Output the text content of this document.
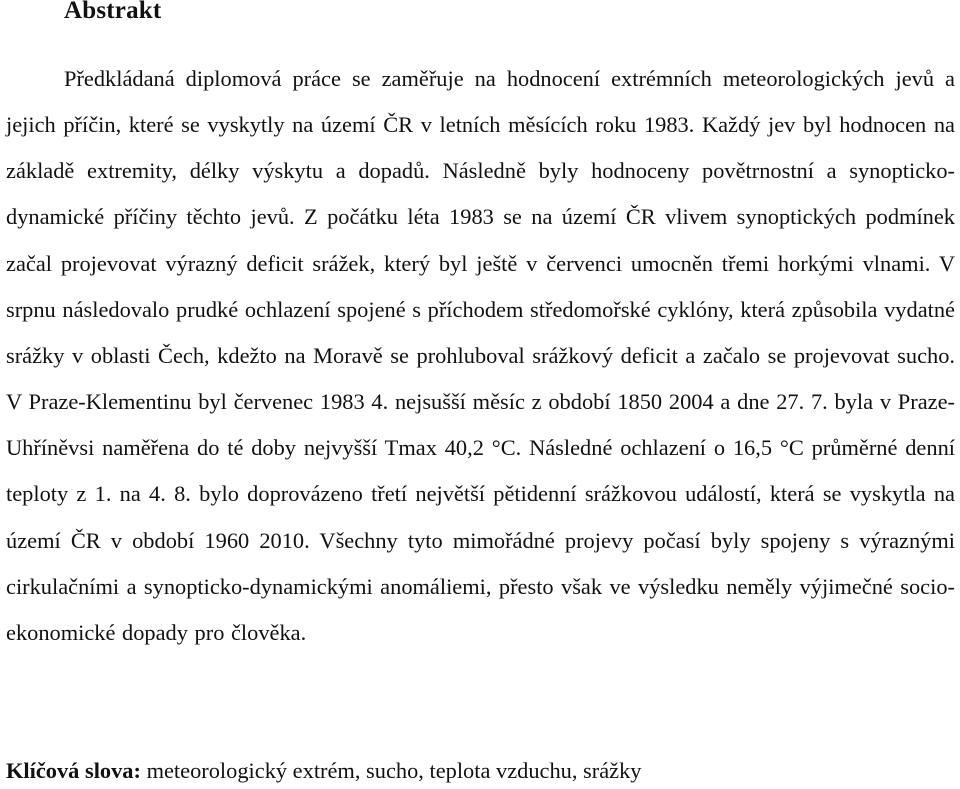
Abstrakt

Předkládaná diplomová práce se zaměřuje na hodnocení extrémních meteorologických jevů a jejich příčin, které se vyskytly na území ČR v letních měsících roku 1983. Každý jev byl hodnocen na základě extremity, délky výskytu a dopadů. Následně byly hodnoceny povětrnostní a synopticko-dynamické příčiny těchto jevů. Z počátku léta 1983 se na území ČR vlivem synoptických podmínek začal projevovat výrazný deficit srážek, který byl ještě v červenci umocněn třemi horkými vlnami. V srpnu následovalo prudké ochlazení spojené s příchodem středomořské cyklóny, která způsobila vydatné srážky v oblasti Čech, kdežto na Moravě se prohluboval srážkový deficit a začalo se projevovat sucho. V Praze-Klementinu byl červenec 1983 4. nejsušší měsíc z období 1850 2004 a dne 27. 7. byla v Praze-Uhříněvsi naměřena do té doby nejvyšší Tmax 40,2 °C. Následné ochlazení o 16,5 °C průměrné denní teploty z 1. na 4. 8. bylo doprovázeno třetí největší pětidenní srážkovou událostí, která se vyskytla na území ČR v období 1960 2010. Všechny tyto mimořádné projevy počasí byly spojeny s výraznými cirkulačními a synopticko-dynamickými anomáliemi, přesto však ve výsledku neměly výjimečné socio-ekonomické dopady pro člověka.

Klíčová slova: meteorologický extrém, sucho, teplota vzduchu, srážky
